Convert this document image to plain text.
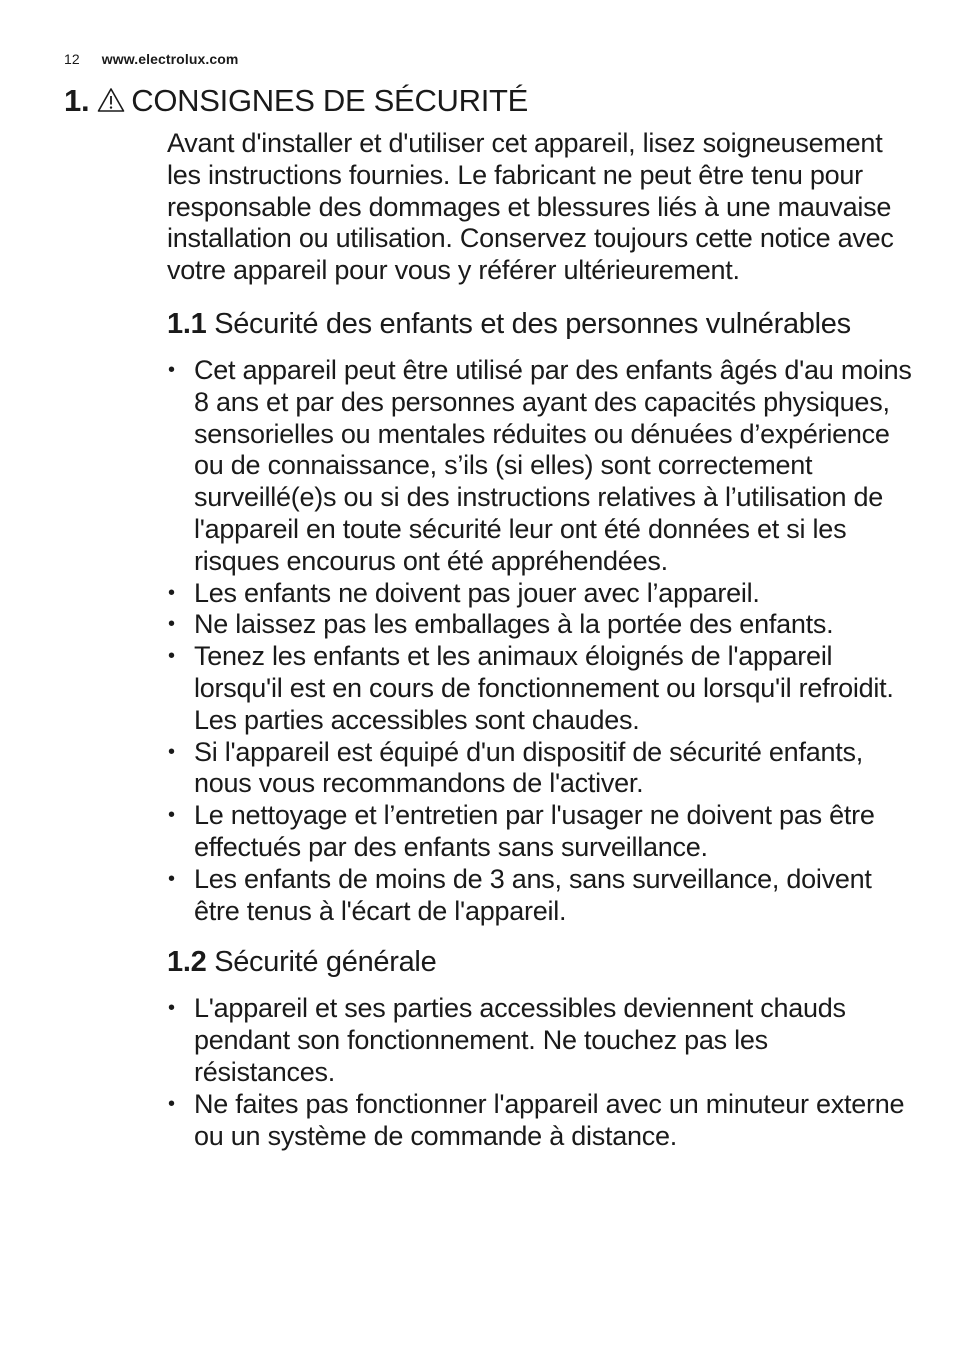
12 www.electrolux.com
1. CONSIGNES DE SÉCURITÉ

Avant d'installer et d'utiliser cet appareil, lisez soigneusement les instructions fournies. Le fabricant ne peut être tenu pour responsable des dommages et blessures liés à une mauvaise installation ou utilisation. Conservez toujours cette notice avec votre appareil pour vous y référer ultérieurement.

1.1 Sécurité des enfants et des personnes vulnérables
• Cet appareil peut être utilisé par des enfants âgés d'au moins 8 ans et par des personnes ayant des capacités physiques, sensorielles ou mentales réduites ou dénuées d’expérience ou de connaissance, s’ils (si elles) sont correctement surveillé(e)s ou si des instructions relatives à l’utilisation de l'appareil en toute sécurité leur ont été données et si les risques encourus ont été appréhendées.
• Les enfants ne doivent pas jouer avec l’appareil.
• Ne laissez pas les emballages à la portée des enfants.
• Tenez les enfants et les animaux éloignés de l'appareil lorsqu'il est en cours de fonctionnement ou lorsqu'il refroidit. Les parties accessibles sont chaudes.
• Si l'appareil est équipé d'un dispositif de sécurité enfants, nous vous recommandons de l'activer.
• Le nettoyage et l’entretien par l'usager ne doivent pas être effectués par des enfants sans surveillance.
• Les enfants de moins de 3 ans, sans surveillance, doivent être tenus à l'écart de l'appareil.
1.2 Sécurité générale
• L'appareil et ses parties accessibles deviennent chauds pendant son fonctionnement. Ne touchez pas les résistances.
• Ne faites pas fonctionner l'appareil avec un minuteur externe ou un système de commande à distance.
